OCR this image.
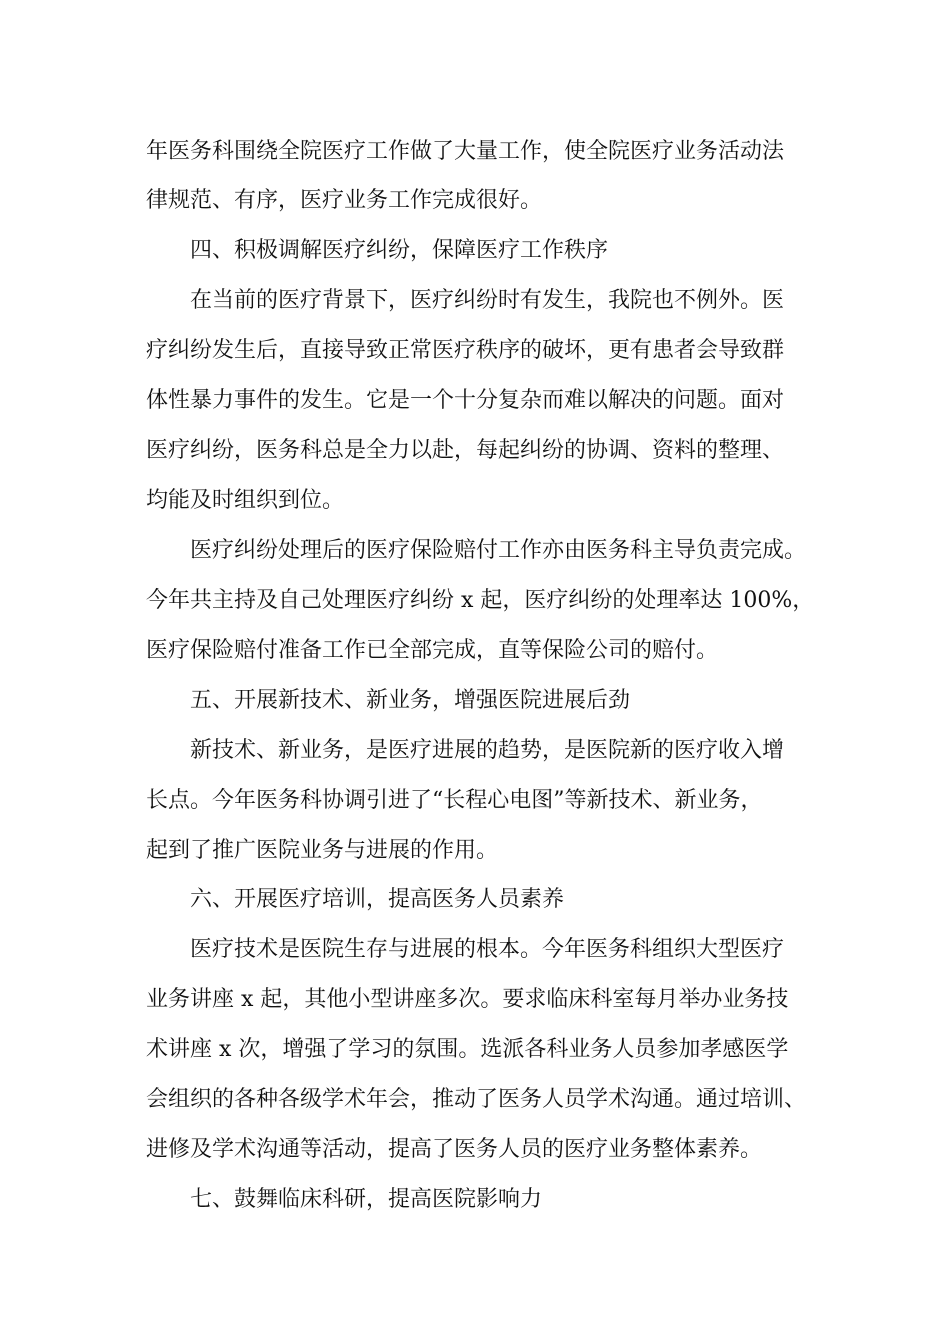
年医务科围绕全院医疗工作做了大量工作，使全院医疗业务活动法

律规范、有序，医疗业务工作完成很好。

四、积极调解医疗纠纷，保障医疗工作秩序

在当前的医疗背景下，医疗纠纷时有发生，我院也不例外。医

疗纠纷发生后，直接导致正常医疗秩序的破坏，更有患者会导致群

体性暴力事件的发生。它是一个十分复杂而难以解决的问题。面对

医疗纠纷，医务科总是全力以赴，每起纠纷的协调、资料的整理、

均能及时组织到位。

医疗纠纷处理后的医疗保险赔付工作亦由医务科主导负责完成。

今年共主持及自己处理医疗纠纷 x 起，医疗纠纷的处理率达 100%，

医疗保险赔付准备工作已全部完成，直等保险公司的赔付。

五、开展新技术、新业务，增强医院进展后劲

新技术、新业务，是医疗进展的趋势，是医院新的医疗收入增

长点。今年医务科协调引进了“长程心电图”等新技术、新业务，

起到了推广医院业务与进展的作用。

六、开展医疗培训，提高医务人员素养

医疗技术是医院生存与进展的根本。今年医务科组织大型医疗

业务讲座 x 起，其他小型讲座多次。要求临床科室每月举办业务技

术讲座 x 次，增强了学习的氛围。选派各科业务人员参加孝感医学

会组织的各种各级学术年会，推动了医务人员学术沟通。通过培训、

进修及学术沟通等活动，提高了医务人员的医疗业务整体素养。

七、鼓舞临床科研，提高医院影响力
